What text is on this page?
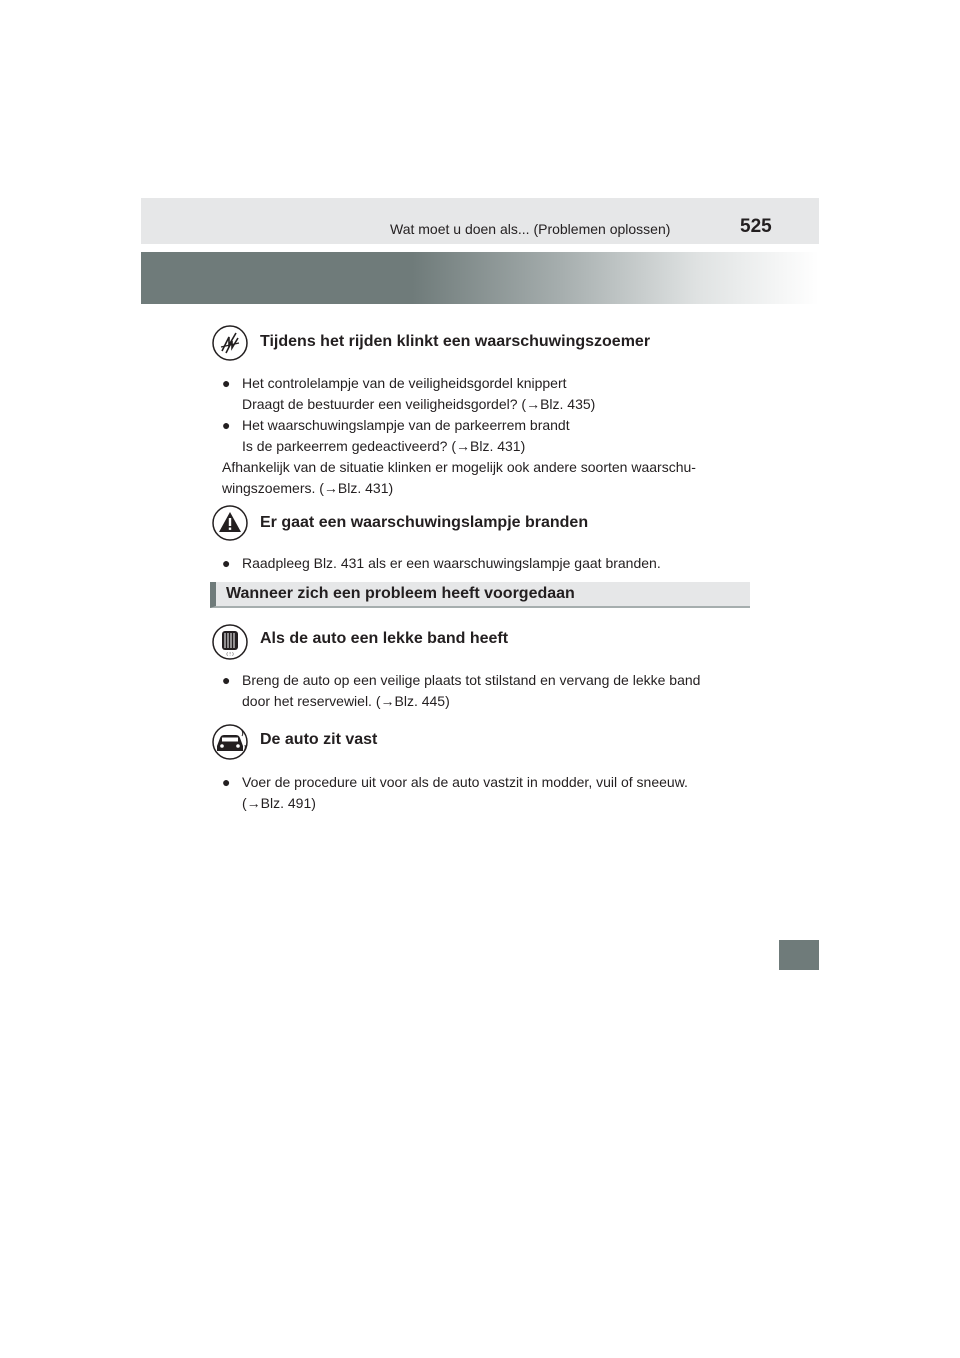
Wat moet u doen als... (Problemen oplossen)	525
Tijdens het rijden klinkt een waarschuwingszoemer
● Het controlelampje van de veiligheidsgordel knippert
Draagt de bestuurder een veiligheidsgordel? (→Blz. 435)
● Het waarschuwingslampje van de parkeerrem brandt
Is de parkeerrem gedeactiveerd? (→Blz. 431)
Afhankelijk van de situatie klinken er mogelijk ook andere soorten waarschu-
wingszoemers. (→Blz. 431)
Er gaat een waarschuwingslampje branden
● Raadpleeg Blz. 431 als er een waarschuwingslampje gaat branden.
Wanneer zich een probleem heeft voorgedaan
( ! )
Als de auto een lekke band heeft
● Breng de auto op een veilige plaats tot stilstand en vervang de lekke band
door het reservewiel. (→Blz. 445)
De auto zit vast
● Voer de procedure uit voor als de auto vastzit in modder, vuil of sneeuw.
(→Blz. 491)
